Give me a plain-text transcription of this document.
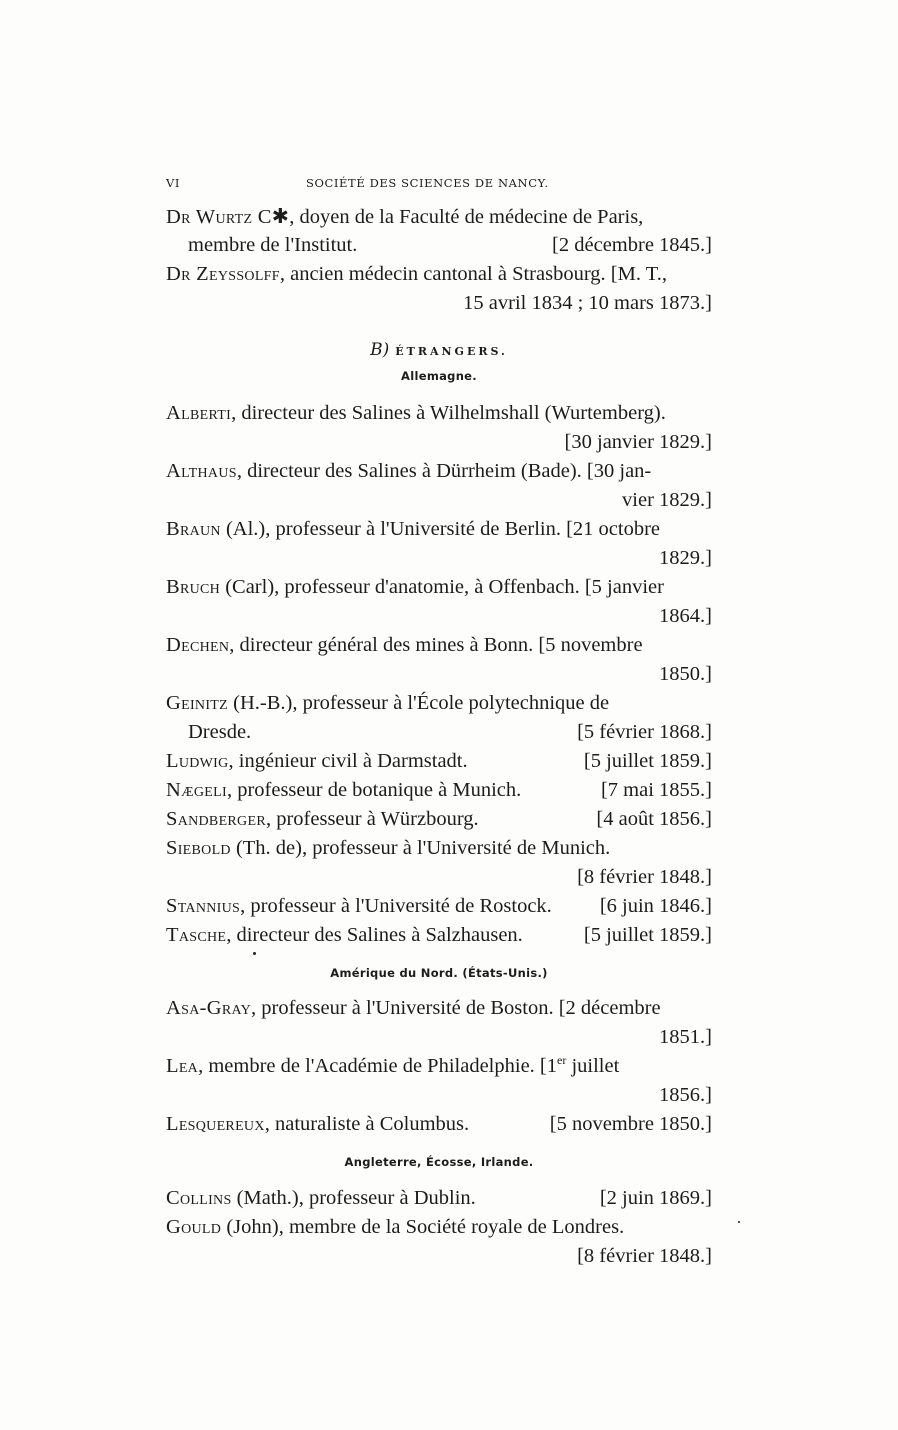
VI	SOCIÉTÉ DES SCIENCES DE NANCY.
Dr Wurtz C✱, doyen de la Faculté de médecine de Paris,
membre de l'Institut.	[2 décembre 1845.]
Dr Zeyssolff, ancien médecin cantonal à Strasbourg. [M. T.,
15 avril 1834 ; 10 mars 1873.]
B) ÉTRANGERS.
Allemagne.
Alberti, directeur des Salines à Wilhelmshall (Wurtemberg).
[30 janvier 1829.]
Althaus, directeur des Salines à Dürrheim (Bade). [30 jan-
vier 1829.]
Braun (Al.), professeur à l'Université de Berlin. [21 octobre
1829.]
Bruch (Carl), professeur d'anatomie, à Offenbach. [5 janvier
1864.]
Dechen, directeur général des mines à Bonn. [5 novembre
1850.]
Geinitz (H.-B.), professeur à l'École polytechnique de
Dresde.	[5 février 1868.]
Ludwig, ingénieur civil à Darmstadt.	[5 juillet 1859.]
Nægeli, professeur de botanique à Munich.	[7 mai 1855.]
Sandberger, professeur à Würzbourg.	[4 août 1856.]
Siebold (Th. de), professeur à l'Université de Munich.
[8 février 1848.]
Stannius, professeur à l'Université de Rostock. [6 juin 1846.]
Tasche, directeur des Salines à Salzhausen.	[5 juillet 1859.]
Amérique du Nord. (États-Unis.)
Asa-Gray, professeur à l'Université de Boston. [2 décembre
1851.]
Lea, membre de l'Académie de Philadelphie. [1er juillet
1856.]
Lesquereux, naturaliste à Columbus.	[5 novembre 1850.]
Angleterre, Écosse, Irlande.
Collins (Math.), professeur à Dublin.	[2 juin 1869.]
Gould (John), membre de la Société royale de Londres.
[8 février 1848.]
